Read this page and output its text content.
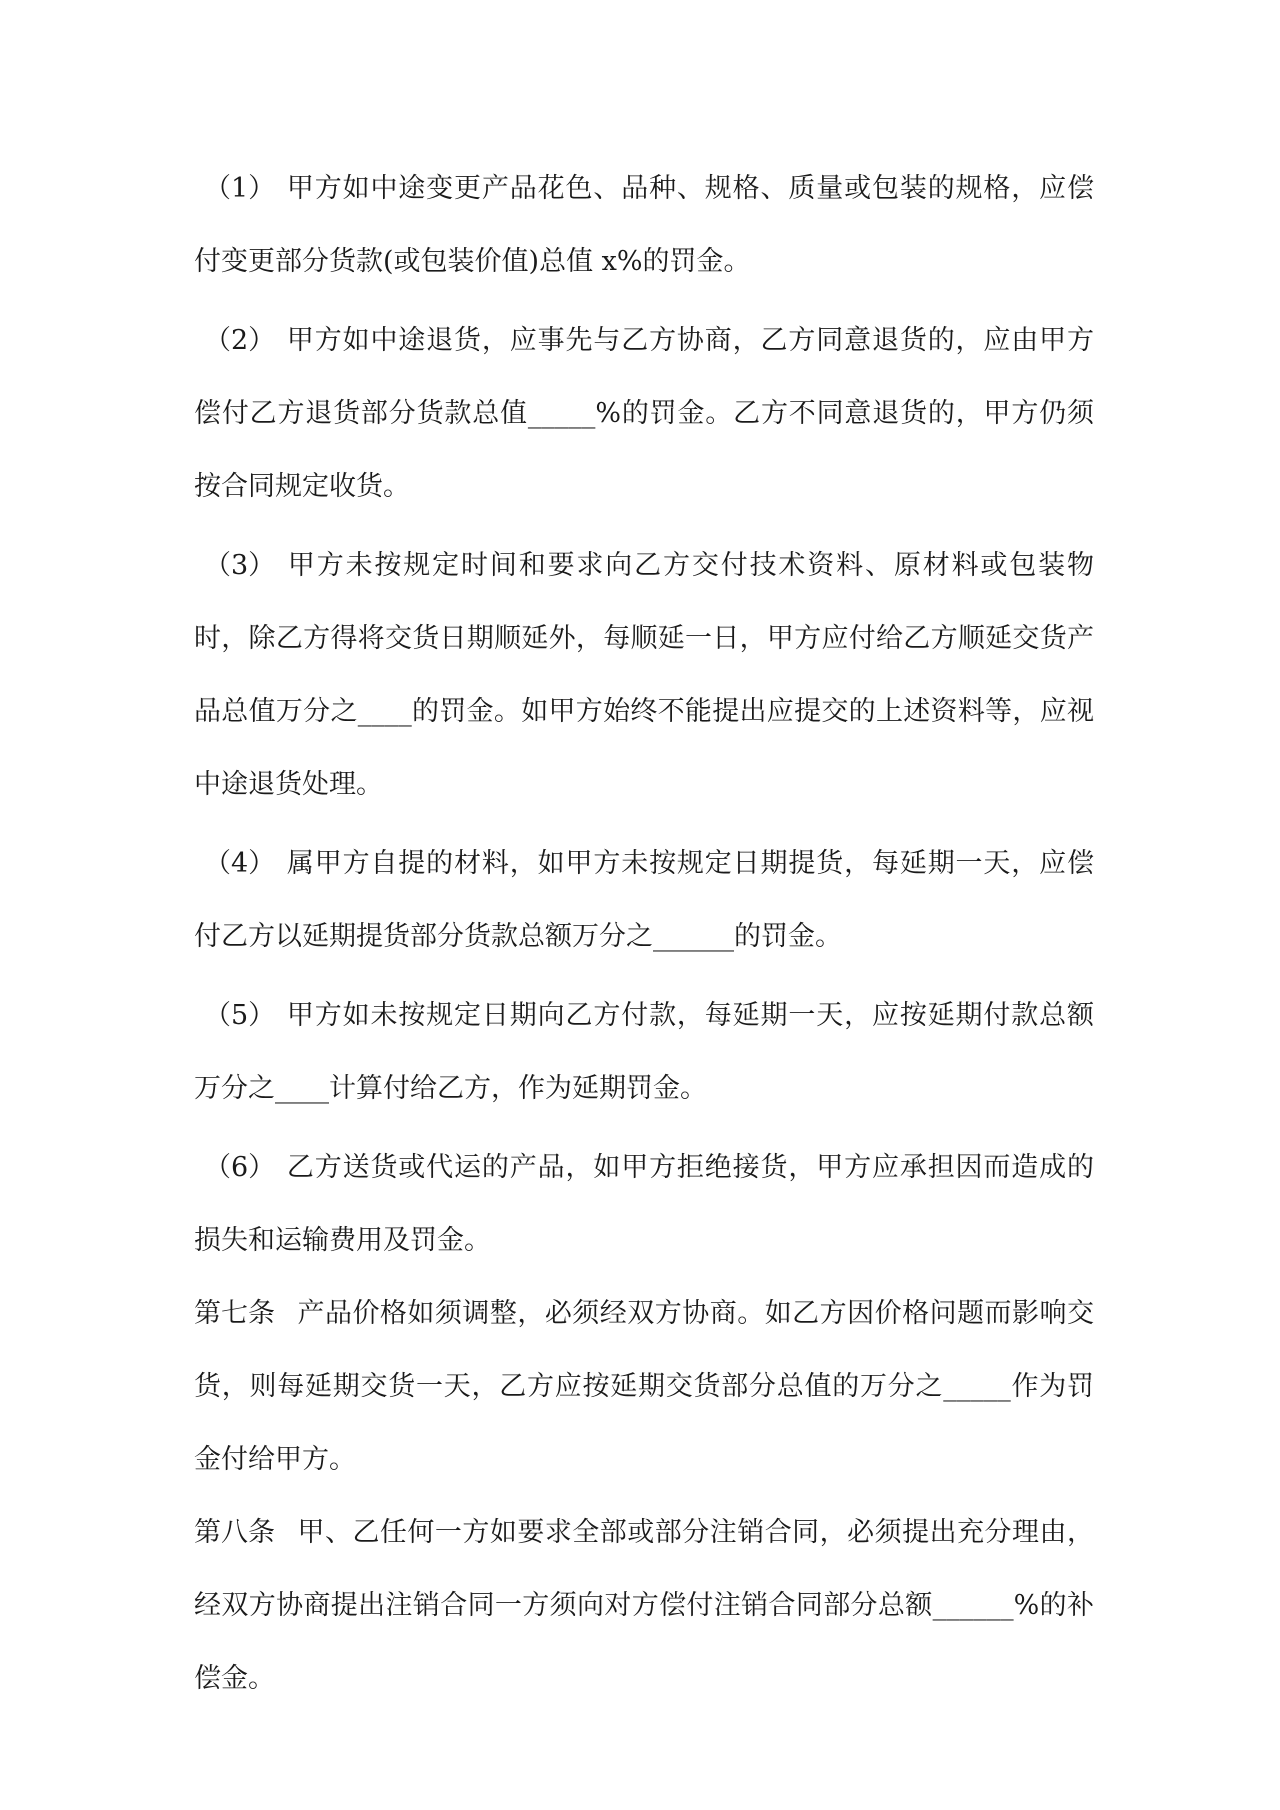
（1） 甲方如中途变更产品花色、品种、规格、质量或包装的规格，应偿付变更部分货款(或包装价值)总值 x%的罚金。

（2） 甲方如中途退货，应事先与乙方协商，乙方同意退货的，应由甲方偿付乙方退货部分货款总值_____%的罚金。乙方不同意退货的，甲方仍须按合同规定收货。

（3） 甲方未按规定时间和要求向乙方交付技术资料、原材料或包装物时，除乙方得将交货日期顺延外，每顺延一日，甲方应付给乙方顺延交货产品总值万分之____的罚金。如甲方始终不能提出应提交的上述资料等，应视中途退货处理。

（4） 属甲方自提的材料，如甲方未按规定日期提货，每延期一天，应偿付乙方以延期提货部分货款总额万分之______的罚金。

（5） 甲方如未按规定日期向乙方付款，每延期一天，应按延期付款总额万分之____计算付给乙方，作为延期罚金。

（6） 乙方送货或代运的产品，如甲方拒绝接货，甲方应承担因而造成的损失和运输费用及罚金。

第七条 产品价格如须调整，必须经双方协商。如乙方因价格问题而影响交货，则每延期交货一天，乙方应按延期交货部分总值的万分之_____作为罚金付给甲方。

第八条 甲、乙任何一方如要求全部或部分注销合同，必须提出充分理由，经双方协商提出注销合同一方须向对方偿付注销合同部分总额______%的补偿金。
